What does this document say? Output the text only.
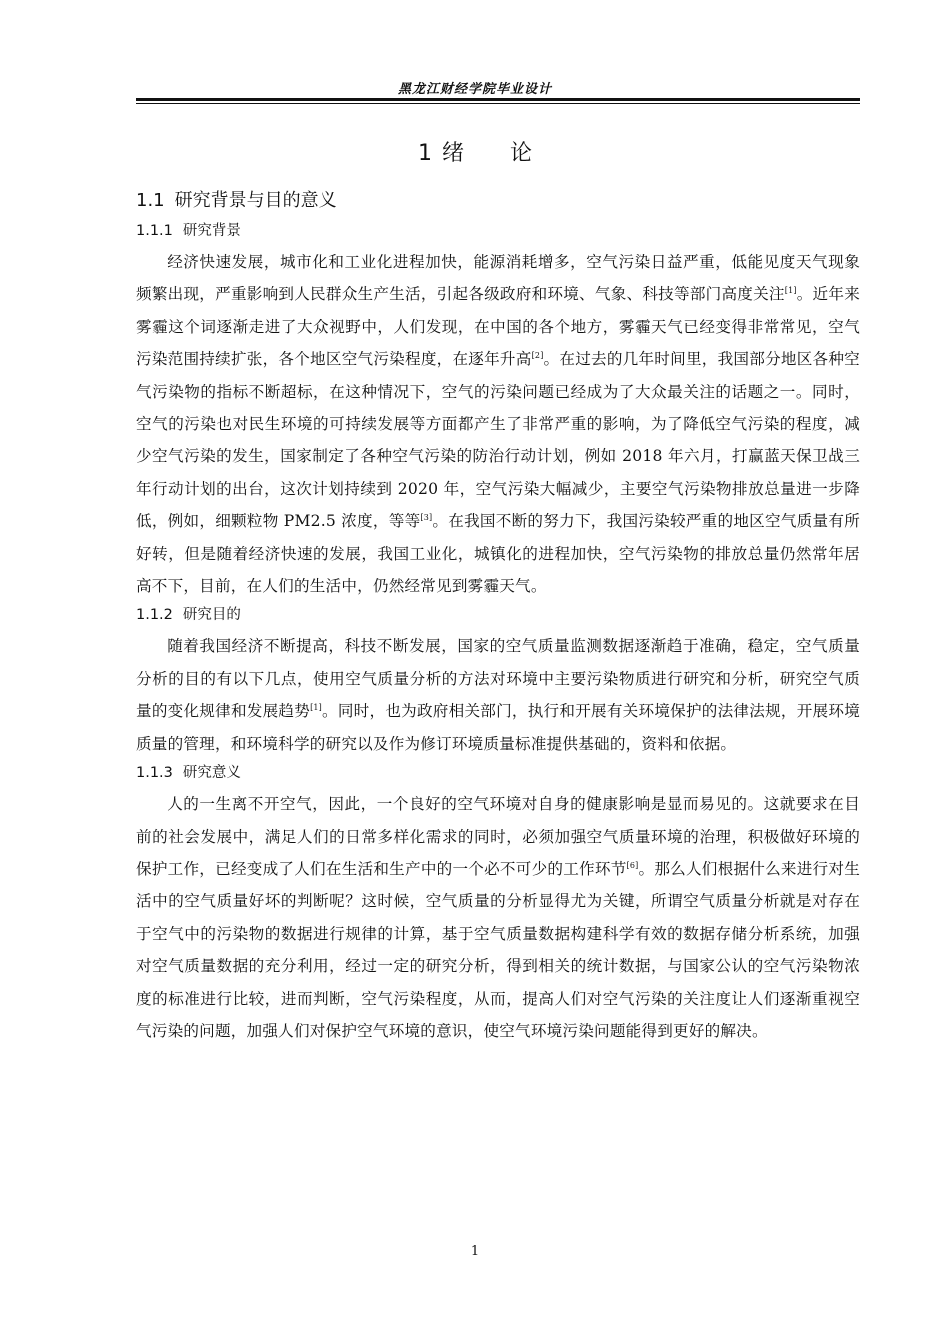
黑龙江财经学院毕业设计
1 绪 论
1.1 研究背景与目的意义
1.1.1 研究背景

经济快速发展，城市化和工业化进程加快，能源消耗增多，空气污染日益严重，低能见度天气现象频繁出现，严重影响到人民群众生产生活，引起各级政府和环境、气象、科技等部门高度关注[1]。近年来雾霾这个词逐渐走进了大众视野中，人们发现，在中国的各个地方，雾霾天气已经变得非常常见，空气污染范围持续扩张，各个地区空气污染程度，在逐年升高[2]。在过去的几年时间里，我国部分地区各种空气污染物的指标不断超标，在这种情况下，空气的污染问题已经成为了大众最关注的话题之一。同时，空气的污染也对民生环境的可持续发展等方面都产生了非常严重的影响，为了降低空气污染的程度，减少空气污染的发生，国家制定了各种空气污染的防治行动计划，例如 2018 年六月，打赢蓝天保卫战三年行动计划的出台，这次计划持续到 2020 年，空气污染大幅减少，主要空气污染物排放总量进一步降低，例如，细颗粒物 PM2.5 浓度，等等[3]。在我国不断的努力下，我国污染较严重的地区空气质量有所好转，但是随着经济快速的发展，我国工业化，城镇化的进程加快，空气污染物的排放总量仍然常年居高不下，目前，在人们的生活中，仍然经常见到雾霾天气。

1.1.2 研究目的

随着我国经济不断提高，科技不断发展，国家的空气质量监测数据逐渐趋于准确，稳定，空气质量分析的目的有以下几点，使用空气质量分析的方法对环境中主要污染物质进行研究和分析，研究空气质量的变化规律和发展趋势[1]。同时，也为政府相关部门，执行和开展有关环境保护的法律法规，开展环境质量的管理，和环境科学的研究以及作为修订环境质量标准提供基础的，资料和依据。

1.1.3 研究意义

人的一生离不开空气，因此，一个良好的空气环境对自身的健康影响是显而易见的。这就要求在目前的社会发展中，满足人们的日常多样化需求的同时，必须加强空气质量环境的治理，积极做好环境的保护工作，已经变成了人们在生活和生产中的一个必不可少的工作环节[6]。那么人们根据什么来进行对生活中的空气质量好坏的判断呢？这时候，空气质量的分析显得尤为关键，所谓空气质量分析就是对存在于空气中的污染物的数据进行规律的计算，基于空气质量数据构建科学有效的数据存储分析系统，加强对空气质量数据的充分利用，经过一定的研究分析，得到相关的统计数据，与国家公认的空气污染物浓度的标准进行比较，进而判断，空气污染程度，从而，提高人们对空气污染的关注度让人们逐渐重视空气污染的问题，加强人们对保护空气环境的意识，使空气环境污染问题能得到更好的解决。

1
